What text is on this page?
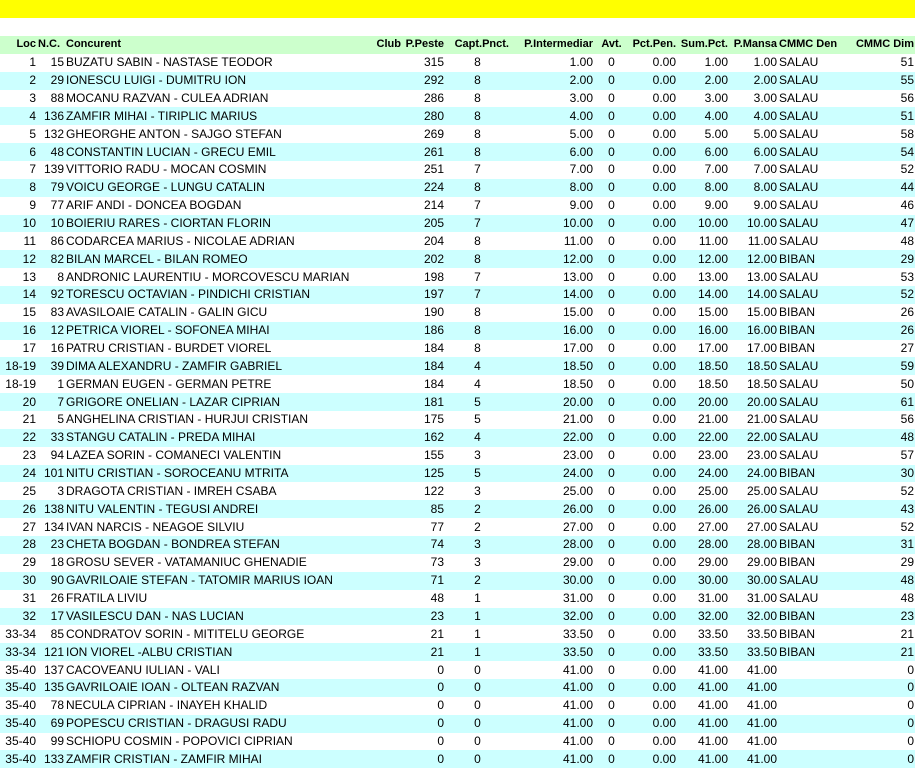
Loc	N.C.	Concurent	Club	P.Peste	Capt.Pnct.	P.Intermediar	Avt.	Pct.Pen.	Sum.Pct.	P.Mansa	CMMC Den	CMMC Dim
1	15	BUZATU SABIN - NASTASE TEODOR		315	8	1.00	0	0.00	1.00	1.00	SALAU	51
2	29	IONESCU LUIGI - DUMITRU ION		292	8	2.00	0	0.00	2.00	2.00	SALAU	55
3	88	MOCANU RAZVAN - CULEA ADRIAN		286	8	3.00	0	0.00	3.00	3.00	SALAU	56
4	136	ZAMFIR MIHAI - TIRIPLIC MARIUS		280	8	4.00	0	0.00	4.00	4.00	SALAU	51
5	132	GHEORGHE ANTON - SAJGO STEFAN		269	8	5.00	0	0.00	5.00	5.00	SALAU	58
6	48	CONSTANTIN LUCIAN - GRECU EMIL		261	8	6.00	0	0.00	6.00	6.00	SALAU	54
7	139	VITTORIO RADU - MOCAN COSMIN		251	7	7.00	0	0.00	7.00	7.00	SALAU	52
8	79	VOICU GEORGE - LUNGU CATALIN		224	8	8.00	0	0.00	8.00	8.00	SALAU	44
9	77	ARIF ANDI - DONCEA BOGDAN		214	7	9.00	0	0.00	9.00	9.00	SALAU	46
10	10	BOIERIU RARES - CIORTAN FLORIN		205	7	10.00	0	0.00	10.00	10.00	SALAU	47
11	86	CODARCEA MARIUS - NICOLAE ADRIAN		204	8	11.00	0	0.00	11.00	11.00	SALAU	48
12	82	BILAN MARCEL - BILAN ROMEO		202	8	12.00	0	0.00	12.00	12.00	BIBAN	29
13	8	ANDRONIC LAURENTIU - MORCOVESCU MARIAN		198	7	13.00	0	0.00	13.00	13.00	SALAU	53
14	92	TORESCU OCTAVIAN - PINDICHI CRISTIAN		197	7	14.00	0	0.00	14.00	14.00	SALAU	52
15	83	AVASILOAIE CATALIN - GALIN GICU		190	8	15.00	0	0.00	15.00	15.00	BIBAN	26
16	12	PETRICA VIOREL - SOFONEA MIHAI		186	8	16.00	0	0.00	16.00	16.00	BIBAN	26
17	16	PATRU CRISTIAN - BURDET VIOREL		184	8	17.00	0	0.00	17.00	17.00	BIBAN	27
18-19	39	DIMA ALEXANDRU - ZAMFIR GABRIEL		184	4	18.50	0	0.00	18.50	18.50	SALAU	59
18-19	1	GERMAN EUGEN - GERMAN PETRE		184	4	18.50	0	0.00	18.50	18.50	SALAU	50
20	7	GRIGORE ONELIAN - LAZAR CIPRIAN		181	5	20.00	0	0.00	20.00	20.00	SALAU	61
21	5	ANGHELINA CRISTIAN - HURJUI CRISTIAN		175	5	21.00	0	0.00	21.00	21.00	SALAU	56
22	33	STANGU CATALIN - PREDA MIHAI		162	4	22.00	0	0.00	22.00	22.00	SALAU	48
23	94	LAZEA SORIN - COMANECI VALENTIN		155	3	23.00	0	0.00	23.00	23.00	SALAU	57
24	101	NITU CRISTIAN - SOROCEANU MTRITA		125	5	24.00	0	0.00	24.00	24.00	BIBAN	30
25	3	DRAGOTA CRISTIAN - IMREH CSABA		122	3	25.00	0	0.00	25.00	25.00	SALAU	52
26	138	NITU VALENTIN - TEGUSI ANDREI		85	2	26.00	0	0.00	26.00	26.00	SALAU	43
27	134	IVAN NARCIS - NEAGOE SILVIU		77	2	27.00	0	0.00	27.00	27.00	SALAU	52
28	23	CHETA BOGDAN - BONDREA STEFAN		74	3	28.00	0	0.00	28.00	28.00	BIBAN	31
29	18	GROSU SEVER - VATAMANIUC GHENADIE		73	3	29.00	0	0.00	29.00	29.00	BIBAN	29
30	90	GAVRILOAIE STEFAN - TATOMIR MARIUS IOAN		71	2	30.00	0	0.00	30.00	30.00	SALAU	48
31	26	FRATILA LIVIU		48	1	31.00	0	0.00	31.00	31.00	SALAU	48
32	17	VASILESCU DAN - NAS LUCIAN		23	1	32.00	0	0.00	32.00	32.00	BIBAN	23
33-34	85	CONDRATOV SORIN - MITITELU GEORGE		21	1	33.50	0	0.00	33.50	33.50	BIBAN	21
33-34	121	ION VIOREL -ALBU CRISTIAN		21	1	33.50	0	0.00	33.50	33.50	BIBAN	21
35-40	137	CACOVEANU IULIAN - VALI		0	0	41.00	0	0.00	41.00	41.00		0
35-40	135	GAVRILOAIE IOAN - OLTEAN RAZVAN		0	0	41.00	0	0.00	41.00	41.00		0
35-40	78	NECULA CIPRIAN - INAYEH KHALID		0	0	41.00	0	0.00	41.00	41.00		0
35-40	69	POPESCU CRISTIAN - DRAGUSI RADU		0	0	41.00	0	0.00	41.00	41.00		0
35-40	99	SCHIOPU COSMIN - POPOVICI CIPRIAN		0	0	41.00	0	0.00	41.00	41.00		0
35-40	133	ZAMFIR CRISTIAN - ZAMFIR MIHAI		0	0	41.00	0	0.00	41.00	41.00		0
